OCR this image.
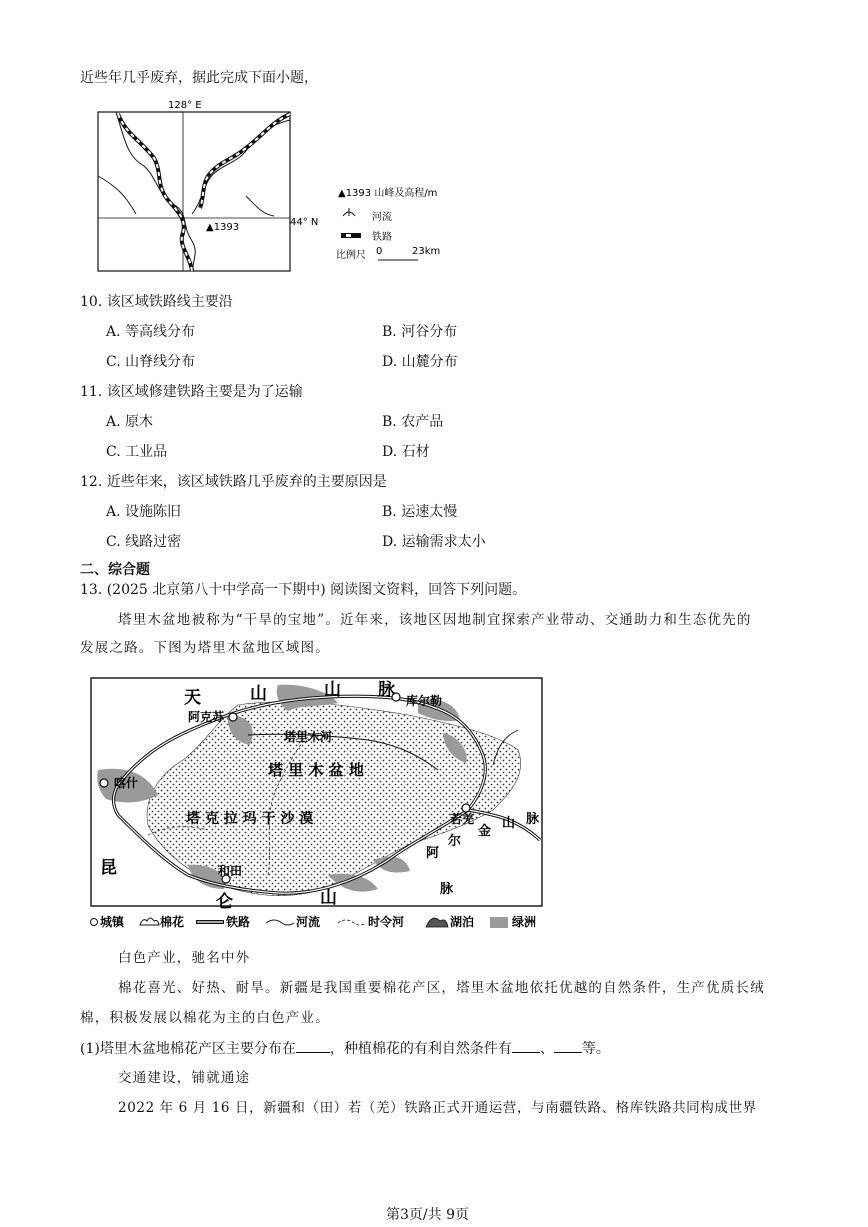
近些年几乎废弃，据此完成下面小题，
128° E
▲1393	44° N
▲1393 山峰及高程/m
河流
铁路
比例尺 0	23km
10. 该区域铁路线主要沿
A. 等高线分布	B. 河谷分布
C. 山脊线分布	D. 山麓分布
11. 该区域修建铁路主要是为了运输
A. 原木	B. 农产品
C. 工业品	D. 石材
12. 近些年来，该区域铁路几乎废弃的主要原因是
A. 设施陈旧	B. 运速太慢
C. 线路过密	D. 运输需求太小
二、综合题
13. (2025 北京第八十中学高一下期中) 阅读图文资料，回答下列问题。
塔里木盆地被称为“干旱的宝地”。近年来，该地区因地制宜探索产业带动、交通助力和生态优先的
发展之路。下图为塔里木盆地区域图。
天	山	山 脉
塔 里 木 盆 地
塔 克 拉 玛 干 沙 漠
阿
尔
金
山 脉
脉
昆
仑	山
阿克苏
库尔勒
塔里木河
喀什
若羌
和田
城镇	棉花	铁路	河流	时令河	湖泊	绿洲
白色产业，驰名中外
棉花喜光、好热、耐旱。新疆是我国重要棉花产区，塔里木盆地依托优越的自然条件，生产优质长绒
棉，积极发展以棉花为主的白色产业。
(1)塔里木盆地棉花产区主要分布在 ，种植棉花的有利自然条件有 、 等。
交通建设，铺就通途
2022 年 6 月 16 日，新疆和（田）若（羌）铁路正式开通运营，与南疆铁路、格库铁路共同构成世界
第3页/共 9页
